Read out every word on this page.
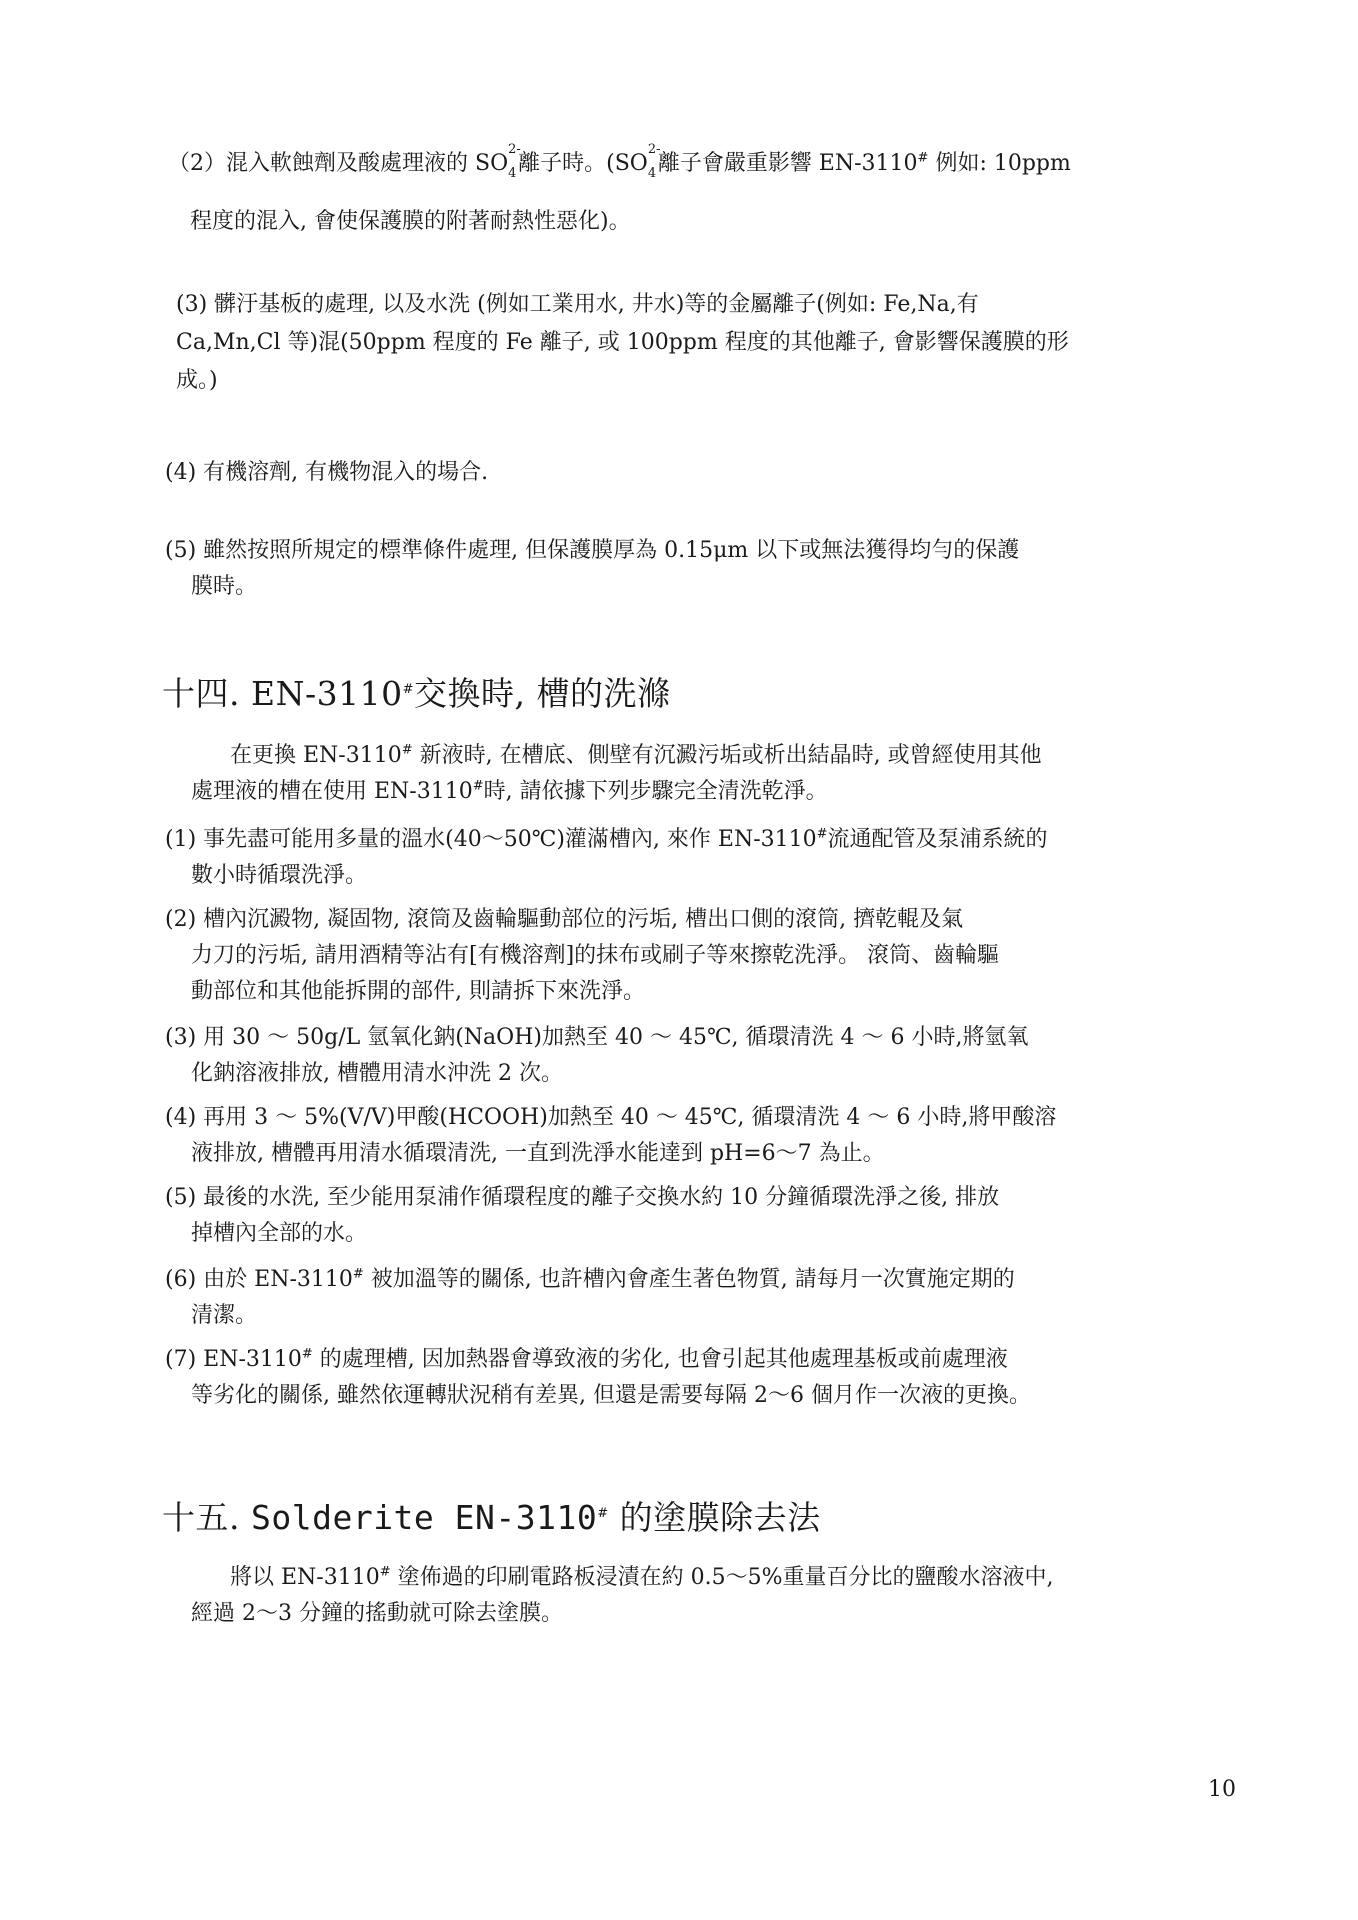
（2）混入軟蝕劑及酸處理液的 SO
2-
4 離子時。(SO
2-
4 離子會嚴重影響 EN-3110# 例如: 10ppm
程度的混入, 會使保護膜的附著耐熱性惡化)。
(3) 髒汙基板的處理, 以及水洗 (例如工業用水, 井水)等的金屬離子(例如: Fe,Na,有
Ca,Mn,Cl 等)混(50ppm 程度的 Fe 離子, 或 100ppm 程度的其他離子, 會影響保護膜的形
成。)
(4) 有機溶劑, 有機物混入的場合.
(5) 雖然按照所規定的標準條件處理, 但保護膜厚為 0.15μm 以下或無法獲得均勻的保護
膜時。
十四. EN-3110#交換時, 槽的洗滌
在更換 EN-3110# 新液時, 在槽底、側壁有沉澱污垢或析出結晶時, 或曾經使用其他
處理液的槽在使用 EN-3110#時, 請依據下列步驟完全清洗乾淨。
(1) 事先盡可能用多量的溫水(40～50℃)灌滿槽內, 來作 EN-3110#流通配管及泵浦系統的
數小時循環洗淨。
(2) 槽內沉澱物, 凝固物, 滾筒及齒輪驅動部位的污垢, 槽出口側的滾筒, 擠乾輥及氣
力刀的污垢, 請用酒精等沾有[有機溶劑]的抹布或刷子等來擦乾洗淨。 滾筒、齒輪驅
動部位和其他能拆開的部件, 則請拆下來洗淨。
(3) 用 30 ～ 50g/L 氫氧化鈉(NaOH)加熱至 40 ～ 45℃, 循環清洗 4 ～ 6 小時,將氫氧
化鈉溶液排放, 槽體用清水沖洗 2 次。
(4) 再用 3 ～ 5%(V/V)甲酸(HCOOH)加熱至 40 ～ 45℃, 循環清洗 4 ～ 6 小時,將甲酸溶
液排放, 槽體再用清水循環清洗, 一直到洗淨水能達到 pH=6～7 為止。
(5) 最後的水洗, 至少能用泵浦作循環程度的離子交換水約 10 分鐘循環洗淨之後, 排放
掉槽內全部的水。
(6) 由於 EN-3110# 被加溫等的關係, 也許槽內會產生著色物質, 請每月一次實施定期的
清潔。
(7) EN-3110# 的處理槽, 因加熱器會導致液的劣化, 也會引起其他處理基板或前處理液
等劣化的關係, 雖然依運轉狀況稍有差異, 但還是需要每隔 2～6 個月作一次液的更換。
十五. Solderite EN-3110# 的塗膜除去法
將以 EN-3110# 塗佈過的印刷電路板浸漬在約 0.5～5%重量百分比的鹽酸水溶液中,
經過 2～3 分鐘的搖動就可除去塗膜。
10
